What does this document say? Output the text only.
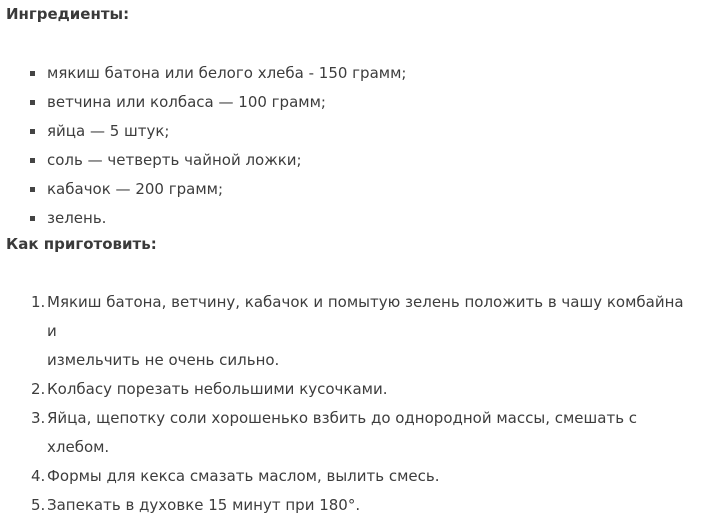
Ингредиенты:
мякиш батона или белого хлеба - 150 грамм;
ветчина или колбаса — 100 грамм;
яйца — 5 штук;
соль — четверть чайной ложки;
кабачок — 200 грамм;
зелень.
Как приготовить:
1. Мякиш батона, ветчину, кабачок и помытую зелень положить в чашу комбайна и
измельчить не очень сильно.
2. Колбасу порезать небольшими кусочками.
3. Яйца, щепотку соли хорошенько взбить до однородной массы, смешать с хлебом.
4. Формы для кекса смазать маслом, вылить смесь.
5. Запекать в духовке 15 минут при 180°.
